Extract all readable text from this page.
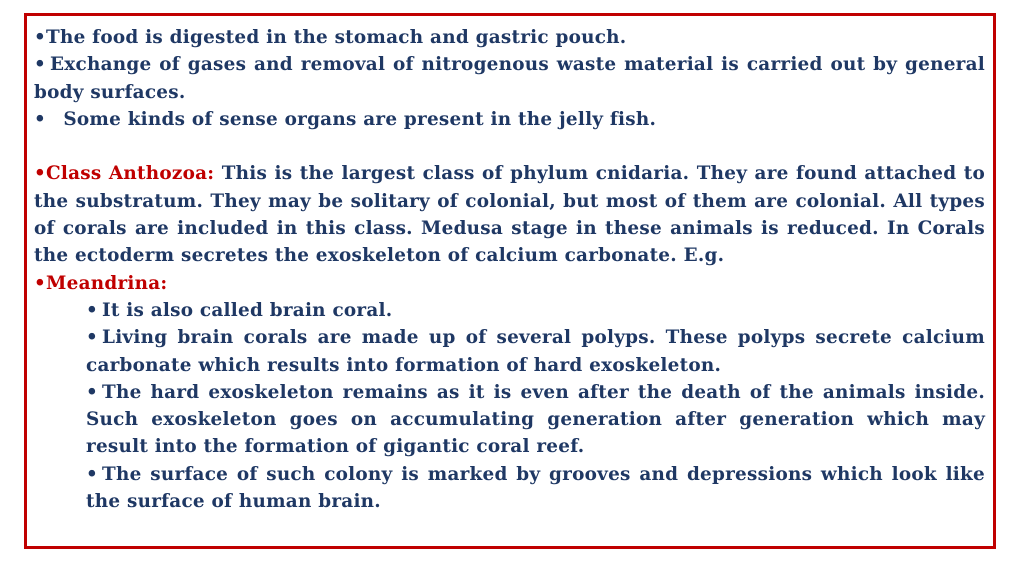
•The food is digested in the stomach and gastric pouch.

• Exchange of gases and removal of nitrogenous waste material is carried out by general body surfaces.

• Some kinds of sense organs are present in the jelly fish.

•Class Anthozoa: This is the largest class of phylum cnidaria. They are found attached to the substratum. They may be solitary of colonial, but most of them are colonial. All types of corals are included in this class. Medusa stage in these animals is reduced. In Corals the ectoderm secretes the exoskeleton of calcium carbonate. E.g.

•Meandrina:

• It is also called brain coral.

• Living brain corals are made up of several polyps. These polyps secrete calcium carbonate which results into formation of hard exoskeleton.

• The hard exoskeleton remains as it is even after the death of the animals inside. Such exoskeleton goes on accumulating generation after generation which may result into the formation of gigantic coral reef.

• The surface of such colony is marked by grooves and depressions which look like the surface of human brain.
